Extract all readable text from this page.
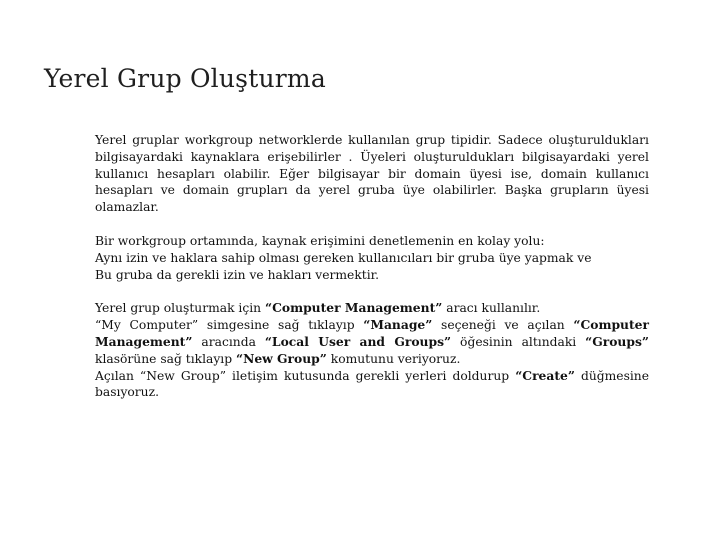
Yerel Grup Oluşturma

Yerel gruplar workgroup networklerde kullanılan grup tipidir. Sadece oluşturuldukları bilgisayardaki kaynaklara erişebilirler . Üyeleri oluşturuldukları bilgisayardaki yerel kullanıcı hesapları olabilir. Eğer bilgisayar bir domain üyesi ise, domain kullanıcı hesapları ve domain grupları da yerel gruba üye olabilirler. Başka grupların üyesi olamazlar.

Bir workgroup ortamında, kaynak erişimini denetlemenin en kolay yolu:
Aynı izin ve haklara sahip olması gereken kullanıcıları bir gruba üye yapmak ve
Bu gruba da gerekli izin ve hakları vermektir.

Yerel grup oluşturmak için “Computer Management” aracı kullanılır.
“My Computer” simgesine sağ tıklayıp “Manage” seçeneği ve açılan “Computer Management” aracında “Local User and Groups” öğesinin altındaki “Groups” klasörüne sağ tıklayıp “New Group” komutunu veriyoruz.
Açılan “New Group” iletişim kutusunda gerekli yerleri doldurup “Create” düğmesine basıyoruz.
